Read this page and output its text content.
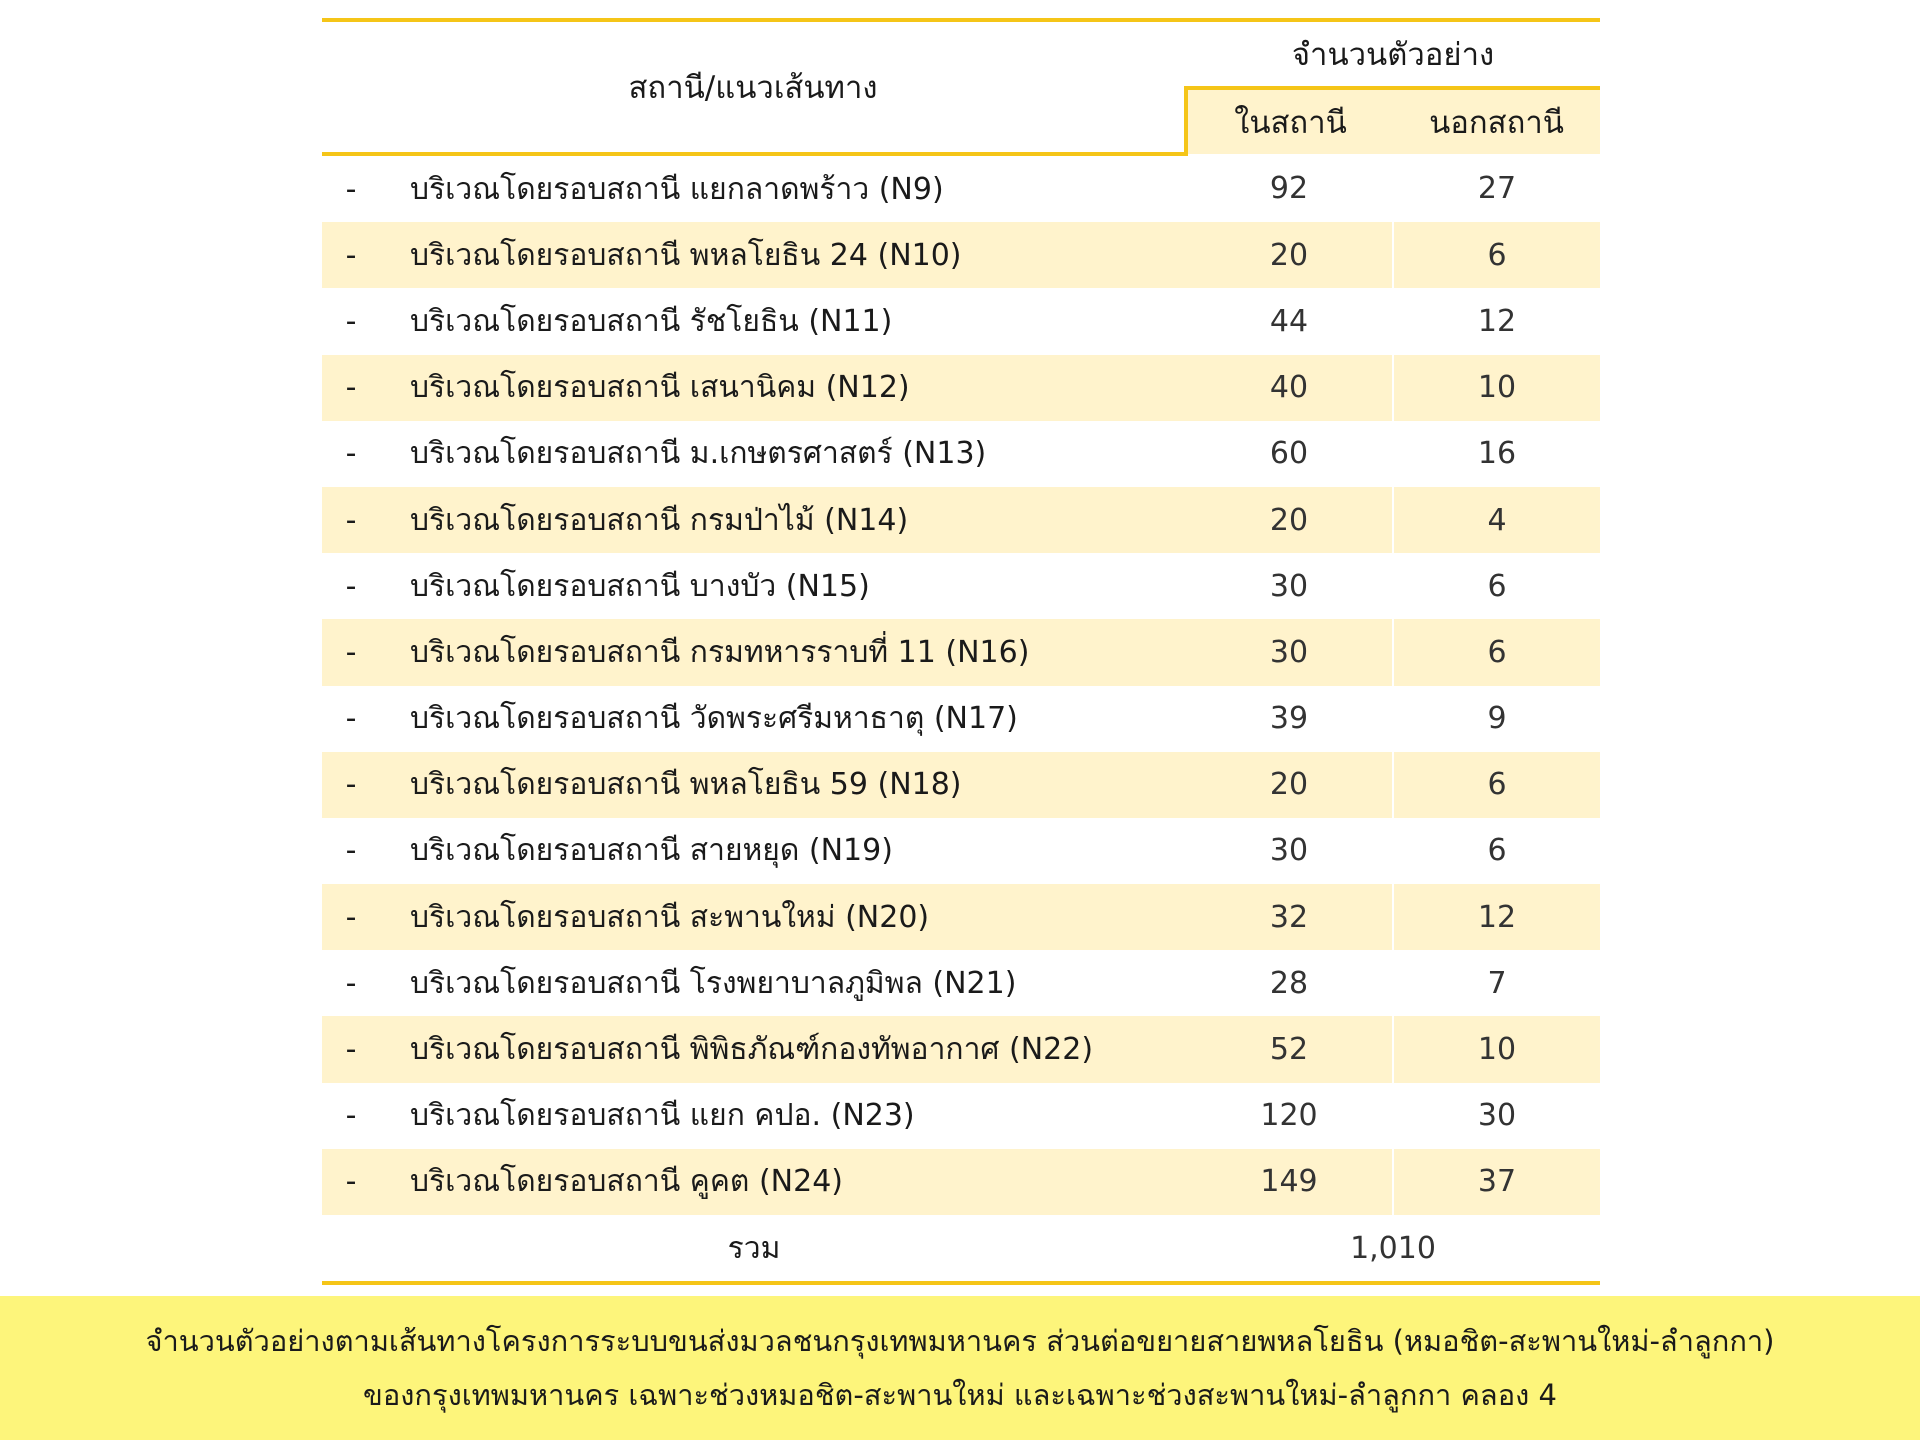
สถานี/แนวเส้นทาง		จำนวนตัวอย่าง	
		ในสถานี	นอกสถานี
-	บริเวณโดยรอบสถานี แยกลาดพร้าว (N9)	92	27
-	บริเวณโดยรอบสถานี พหลโยธิน 24 (N10)	20	6
-	บริเวณโดยรอบสถานี รัชโยธิน (N11)	44	12
-	บริเวณโดยรอบสถานี เสนานิคม (N12)	40	10
-	บริเวณโดยรอบสถานี ม.เกษตรศาสตร์ (N13)	60	16
-	บริเวณโดยรอบสถานี กรมป่าไม้ (N14)	20	4
-	บริเวณโดยรอบสถานี บางบัว (N15)	30	6
-	บริเวณโดยรอบสถานี กรมทหารราบที่ 11 (N16)	30	6
-	บริเวณโดยรอบสถานี วัดพระศรีมหาธาตุ (N17)	39	9
-	บริเวณโดยรอบสถานี พหลโยธิน 59 (N18)	20	6
-	บริเวณโดยรอบสถานี สายหยุด (N19)	30	6
-	บริเวณโดยรอบสถานี สะพานใหม่ (N20)	32	12
-	บริเวณโดยรอบสถานี โรงพยาบาลภูมิพล (N21)	28	7
-	บริเวณโดยรอบสถานี พิพิธภัณฑ์กองทัพอากาศ (N22)	52	10
-	บริเวณโดยรอบสถานี แยก คปอ. (N23)	120	30
-	บริเวณโดยรอบสถานี คูคต (N24)	149	37
รวม		1,010	
จำนวนตัวอย่างตามเส้นทางโครงการระบบขนส่งมวลชนกรุงเทพมหานคร ส่วนต่อขยายสายพหลโยธิน (หมอชิต-สะพานใหม่-ลำลูกกา)
ของกรุงเทพมหานคร เฉพาะช่วงหมอชิต-สะพานใหม่ และเฉพาะช่วงสะพานใหม่-ลำลูกกา คลอง 4
